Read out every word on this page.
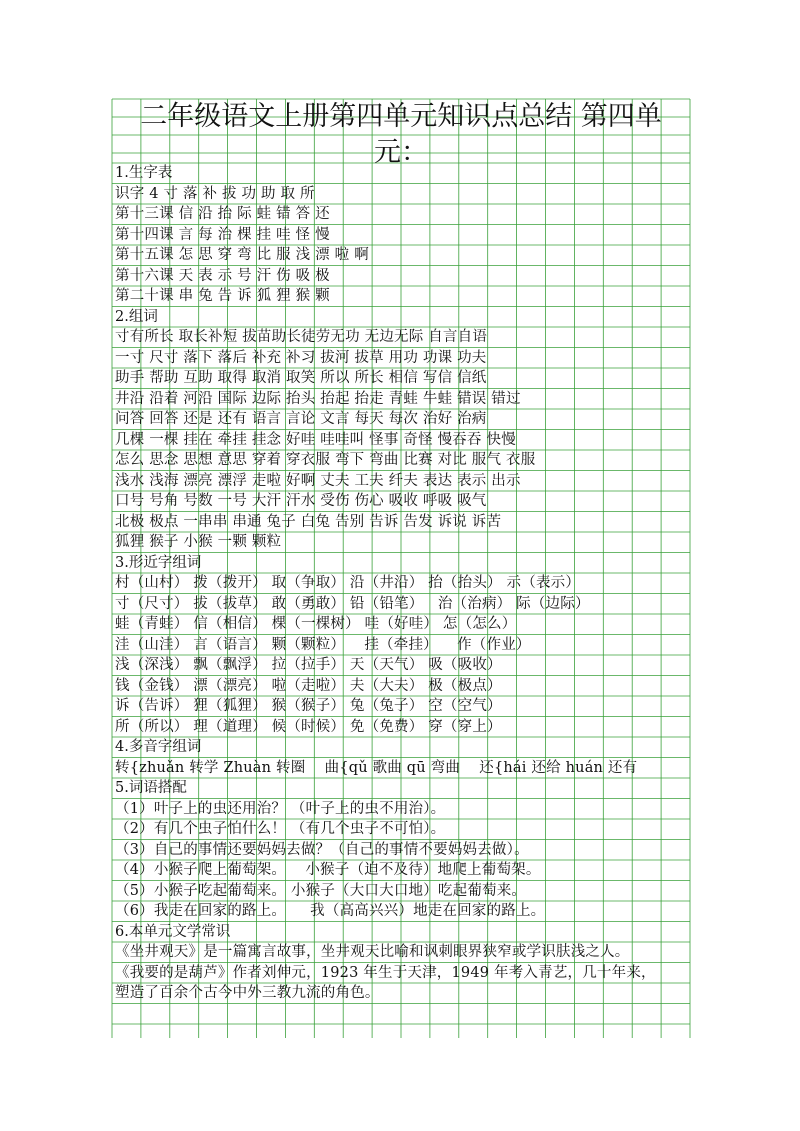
二年级语文上册第四单元知识点总结 第四单
元：
1.生字表
识字 4 寸 落 补 拔 功 助 取 所
第十三课 信 沿 抬 际 蛙 错 答 还
第十四课 言 每 治 棵 挂 哇 怪 慢
第十五课 怎 思 穿 弯 比 服 浅 漂 啦 啊
第十六课 天 表 示 号 汗 伤 吸 极
第二十课 串 兔 告 诉 狐 狸 猴 颗
2.组词
寸有所长 取长补短 拔苗助长徒劳无功 无边无际 自言自语
一寸 尺寸 落下 落后 补充 补习 拔河 拔草 用功 功课 功夫
助手 帮助 互助 取得 取消 取笑 所以 所长 相信 写信 信纸
井沿 沿着 河沿 国际 边际 抬头 抬起 抬走 青蛙 牛蛙 错误 错过
问答 回答 还是 还有 语言 言论 文言 每天 每次 治好 治病
几棵 一棵 挂在 牵挂 挂念 好哇 哇哇叫 怪事 奇怪 慢吞吞 快慢
怎么 思念 思想 意思 穿着 穿衣服 弯下 弯曲 比赛 对比 服气 衣服
浅水 浅海 漂亮 漂浮 走啦 好啊 丈夫 工夫 纤夫 表达 表示 出示
口号 号角 号数 一号 大汗 汗水 受伤 伤心 吸收 呼吸 吸气
北极 极点 一串串 串通 兔子 白兔 告别 告诉 告发 诉说 诉苦
狐狸 猴子 小猴 一颗 颗粒
3.形近字组词
村（山村） 拨（拨开） 取（争取） 沿（井沿） 抬（抬头） 示（表示）
寸（尺寸） 拔（拔草） 敢（勇敢） 铅（铅笔）   治（治病） 际（边际）
蛙（青蛙） 信（相信） 棵（一棵树） 哇（好哇） 怎（怎么）
洼（山洼） 言（语言） 颗（颗粒）    挂（牵挂）    作（作业）
浅（深浅） 飘（飘浮） 拉（拉手） 天（天气） 吸（吸收）
钱（金钱） 漂（漂亮） 啦（走啦） 夫（大夫） 极（极点）
诉（告诉） 狸（狐狸） 猴（猴子） 兔（兔子） 空（空气）
所（所以） 理（道理） 候（时候） 免（免费） 穿（穿上）
4.多音字组词
转{zhuǎn 转学 Zhuàn 转圈    曲{qǔ 歌曲 qū 弯曲    还{hái 还给 huán 还有
5.词语搭配
（1）叶子上的虫还用治？ （叶子上的虫不用治）。
（2）有几个虫子怕什么！ （有几个虫子不可怕）。
（3）自己的事情还要妈妈去做？（自己的事情不要妈妈去做）。
（4）小猴子爬上葡萄架。    小猴子（迫不及待）地爬上葡萄架。
（5）小猴子吃起葡萄来。 小猴子（大口大口地）吃起葡萄来。
（6）我走在回家的路上。     我（高高兴兴）地走在回家的路上。
6.本单元文学常识
《坐井观天》是一篇寓言故事，坐井观天比喻和讽刺眼界狭窄或学识肤浅之人。
《我要的是葫芦》作者刘伸元，1923 年生于天津，1949 年考入青艺，几十年来，
塑造了百余个古今中外三教九流的角色。
